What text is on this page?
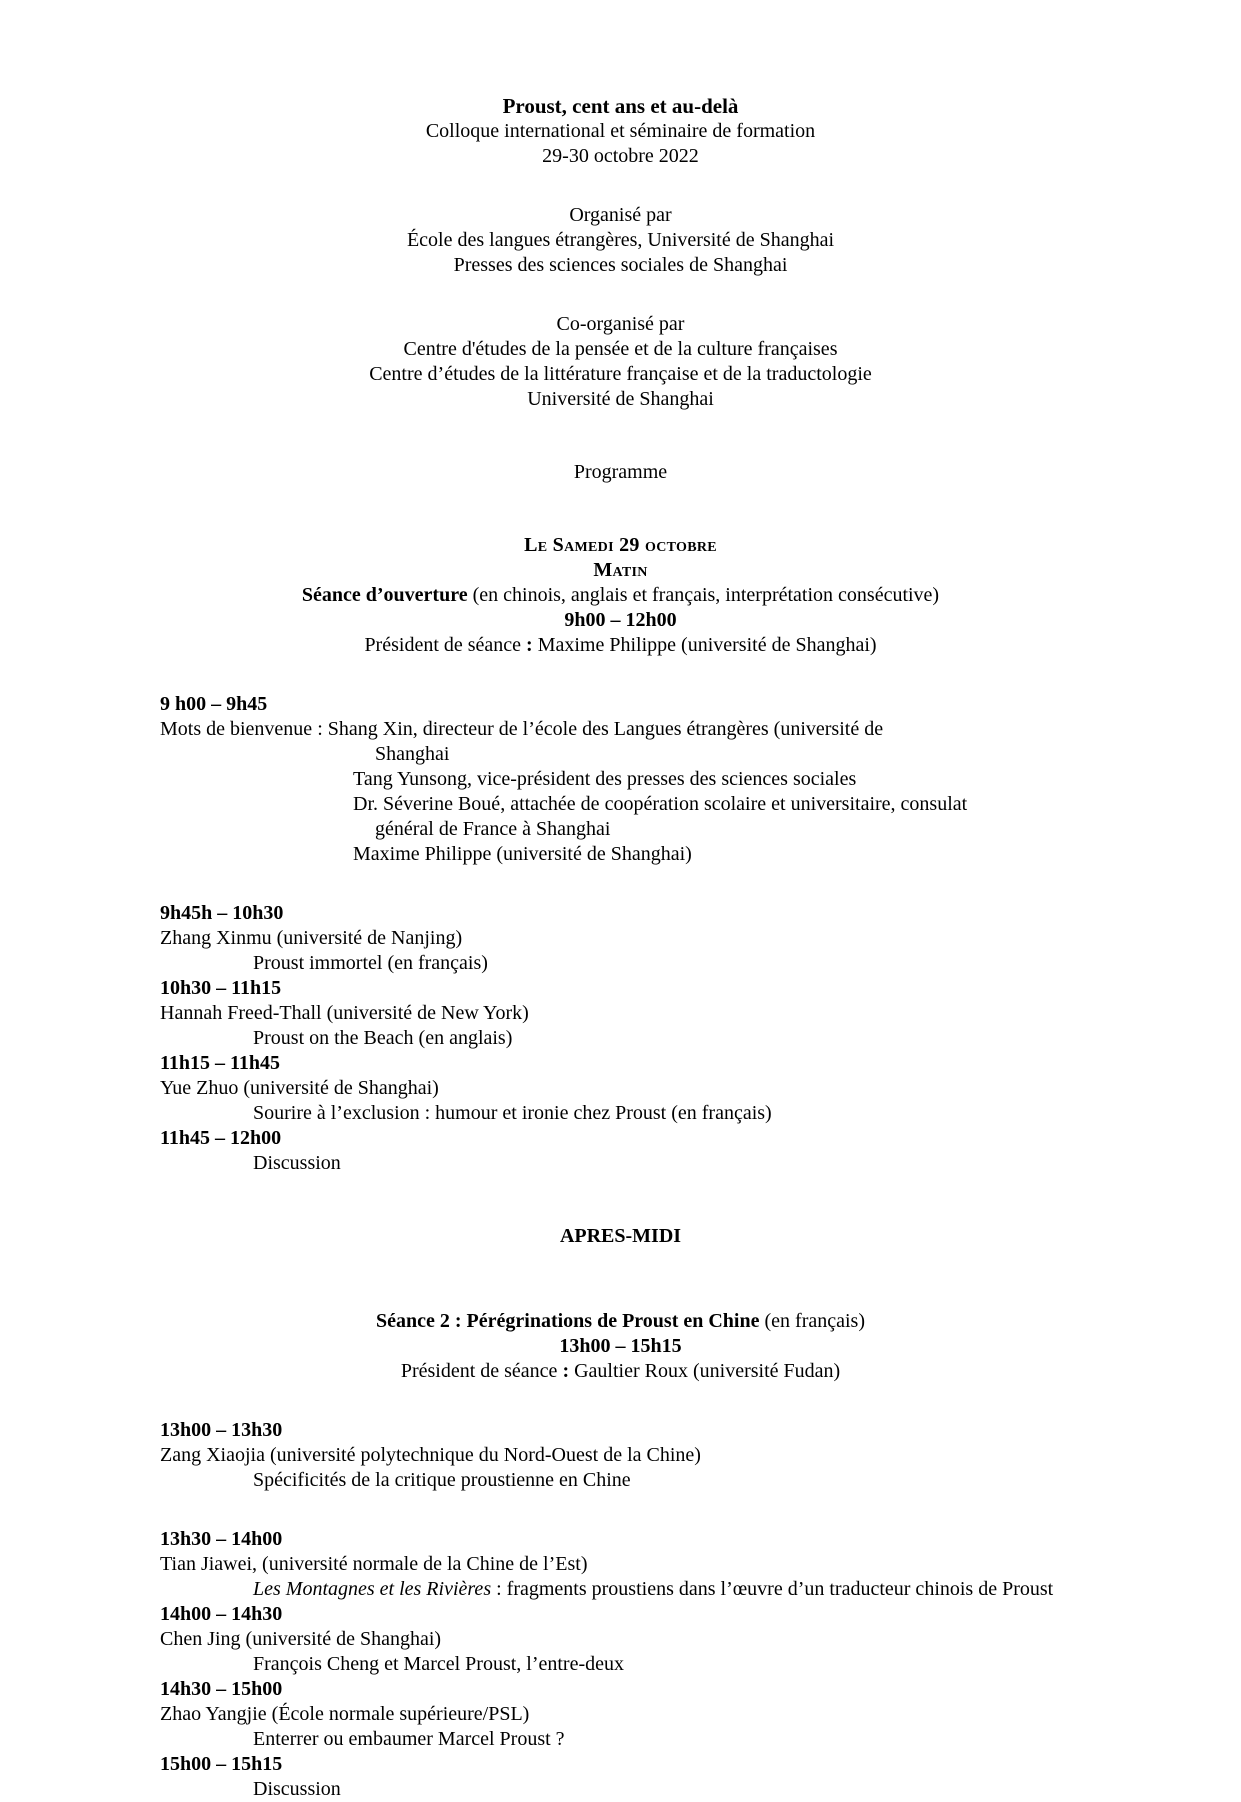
Proust, cent ans et au-delà
Colloque international et séminaire de formation
29-30 octobre 2022
Organisé par
École des langues étrangères, Université de Shanghai
Presses des sciences sociales de Shanghai
Co-organisé par
Centre d'études de la pensée et de la culture françaises
Centre d’études de la littérature française et de la traductologie
Université de Shanghai
Programme
Le Samedi 29 octobre
Matin
Séance d’ouverture (en chinois, anglais et français, interprétation consécutive)
9h00 – 12h00
Président de séance : Maxime Philippe (université de Shanghai)
9 h00 – 9h45
Mots de bienvenue : Shang Xin, directeur de l’école des Langues étrangères (université de
Shanghai
Tang Yunsong, vice-président des presses des sciences sociales
Dr. Séverine Boué, attachée de coopération scolaire et universitaire, consulat
général de France à Shanghai
Maxime Philippe (université de Shanghai)
9h45h – 10h30
Zhang Xinmu (université de Nanjing)
Proust immortel (en français)
10h30 – 11h15
Hannah Freed-Thall (université de New York)
Proust on the Beach (en anglais)
11h15 – 11h45
Yue Zhuo (université de Shanghai)
Sourire à l’exclusion : humour et ironie chez Proust (en français)
11h45 – 12h00
Discussion
APRES-MIDI
Séance 2 : Pérégrinations de Proust en Chine (en français)
13h00 – 15h15
Président de séance : Gaultier Roux (université Fudan)
13h00 – 13h30
Zang Xiaojia (université polytechnique du Nord-Ouest de la Chine)
Spécificités de la critique proustienne en Chine
13h30 – 14h00
Tian Jiawei, (université normale de la Chine de l’Est)
Les Montagnes et les Rivières : fragments proustiens dans l’œuvre d’un traducteur chinois de Proust
14h00 – 14h30
Chen Jing (université de Shanghai)
François Cheng et Marcel Proust, l’entre-deux
14h30 – 15h00
Zhao Yangjie (École normale supérieure/PSL)
Enterrer ou embaumer Marcel Proust ?
15h00 – 15h15
Discussion
